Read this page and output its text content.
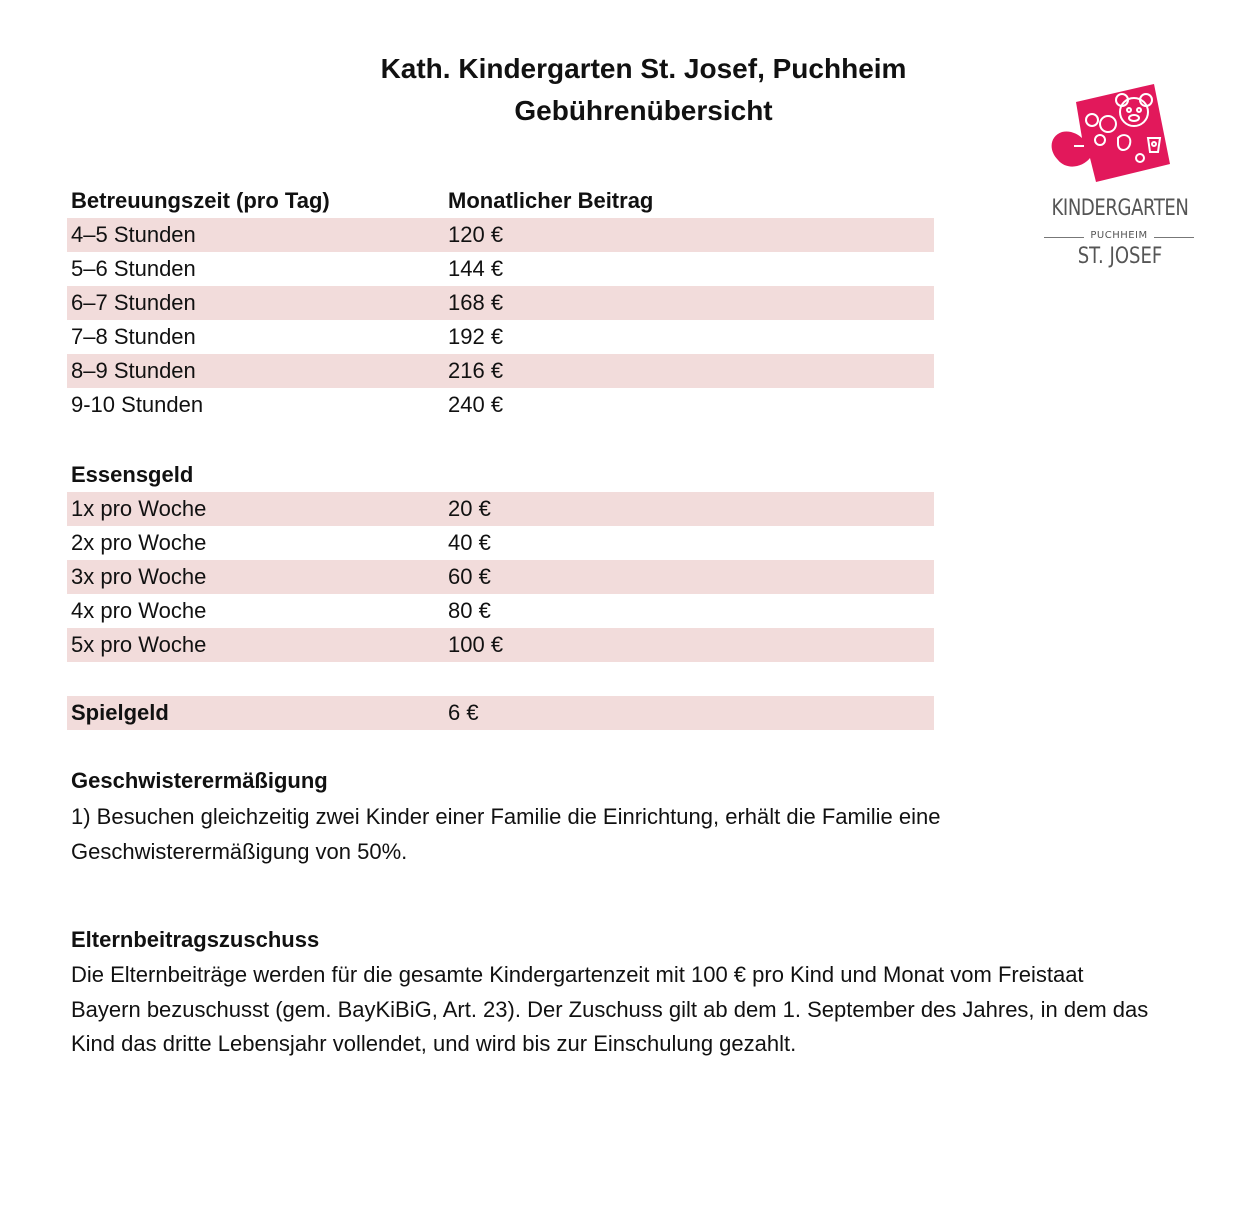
Kath. Kindergarten St. Josef, Puchheim
Gebührenübersicht
KINDERGARTEN
PUCHHEIM
ST. JOSEF
Betreuungszeit (pro Tag)	Monatlicher Beitrag
4–5 Stunden	120 €
5–6 Stunden	144 €
6–7 Stunden	168 €
7–8 Stunden	192 €
8–9 Stunden	216 €
9-10 Stunden	240 €
Essensgeld
1x pro Woche	20 €
2x pro Woche	40 €
3x pro Woche	60 €
4x pro Woche	80 €
5x pro Woche	100 €
Spielgeld	6 €
Geschwisterermäßigung
1) Besuchen gleichzeitig zwei Kinder einer Familie die Einrichtung, erhält die Familie eine
Geschwisterermäßigung von 50%.
Elternbeitragszuschuss
Die Elternbeiträge werden für die gesamte Kindergartenzeit mit 100 € pro Kind und Monat vom Freistaat
Bayern bezuschusst (gem. BayKiBiG, Art. 23). Der Zuschuss gilt ab dem 1. September des Jahres, in dem das
Kind das dritte Lebensjahr vollendet, und wird bis zur Einschulung gezahlt.
